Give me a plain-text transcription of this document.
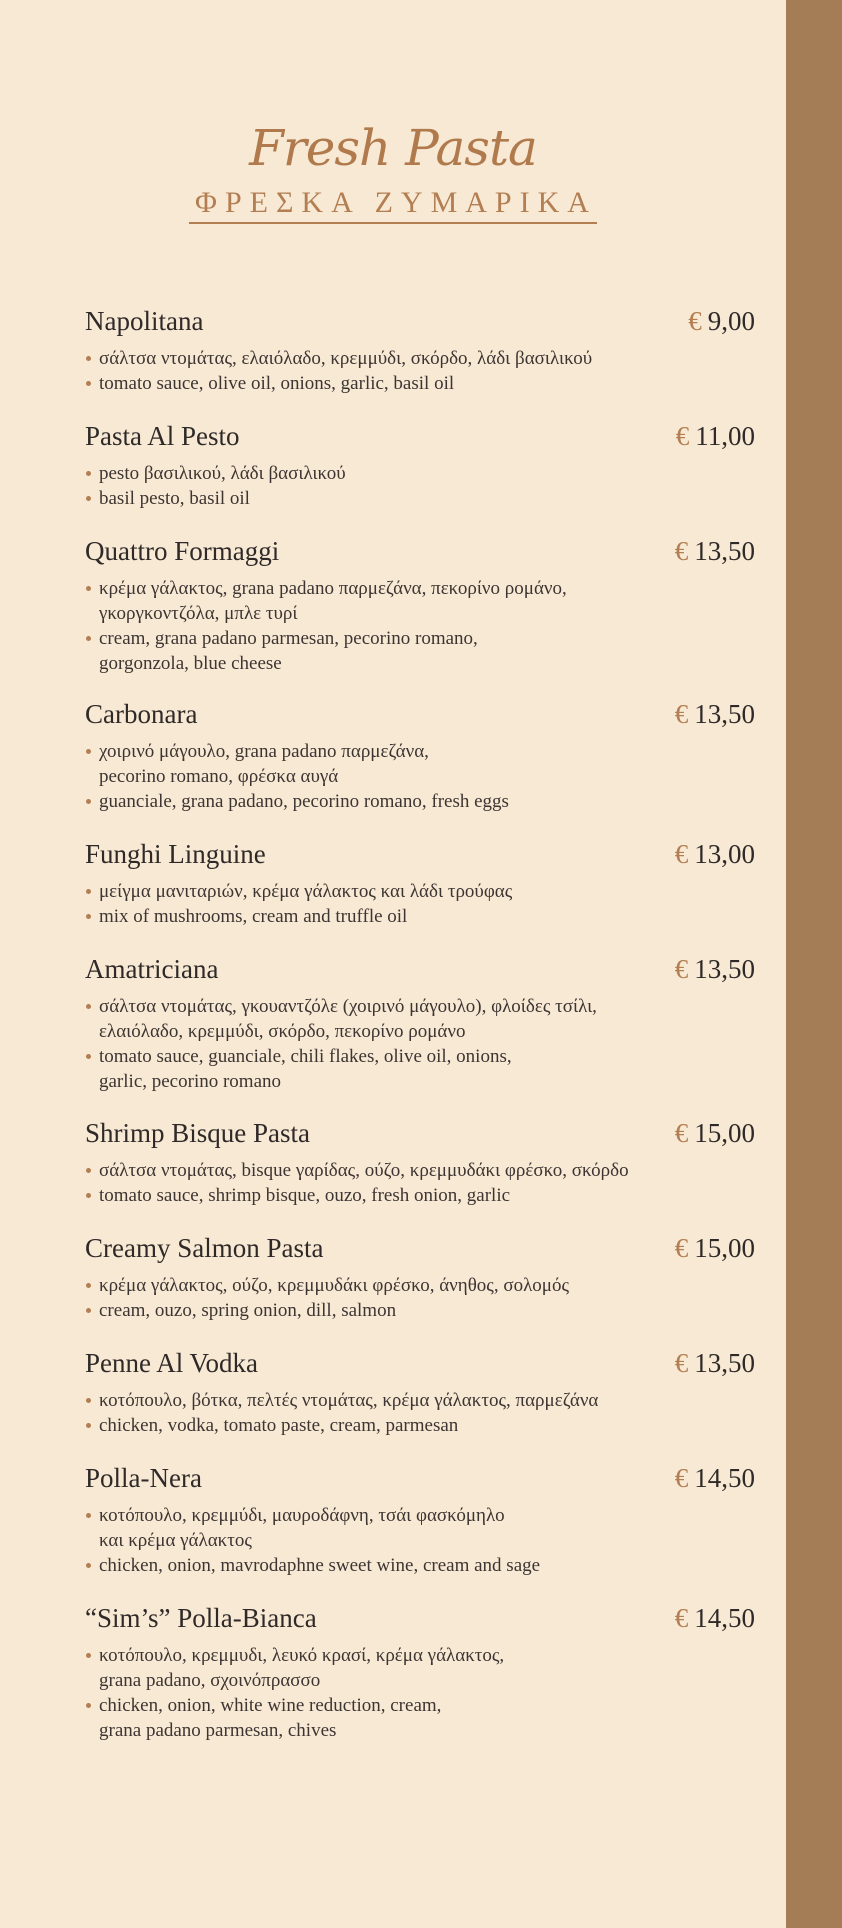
Fresh Pasta
ΦΡΕΣΚΑ ΖΥΜΑΡΙΚΑ
Napolitana	€ 9,00
σάλτσα ντομάτας, ελαιόλαδο, κρεμμύδι, σκόρδο, λάδι βασιλικού
tomato sauce, olive oil, onions, garlic, basil oil
Pasta Al Pesto	€ 11,00
pesto βασιλικού, λάδι βασιλικού
basil pesto, basil oil
Quattro Formaggi	€ 13,50
κρέμα γάλακτος, grana padano παρμεζάνα, πεκορίνο ρομάνο,
γκοργκοντζόλα, μπλε τυρί
cream, grana padano parmesan, pecorino romano,
gorgonzola, blue cheese
Carbonara	€ 13,50
χοιρινό μάγουλο, grana padano παρμεζάνα,
pecorino romano, φρέσκα αυγά
guanciale, grana padano, pecorino romano, fresh eggs
Funghi Linguine	€ 13,00
μείγμα μανιταριών, κρέμα γάλακτος και λάδι τρούφας
mix of mushrooms, cream and truffle oil
Amatriciana	€ 13,50
σάλτσα ντομάτας, γκουαντζόλε (χοιρινό μάγουλο), φλοίδες τσίλι,
ελαιόλαδο, κρεμμύδι, σκόρδο, πεκορίνο ρομάνο
tomato sauce, guanciale, chili flakes, olive oil, onions,
garlic, pecorino romano
Shrimp Bisque Pasta	€ 15,00
σάλτσα ντομάτας, bisque γαρίδας, ούζο, κρεμμυδάκι φρέσκο, σκόρδο
tomato sauce, shrimp bisque, ouzo, fresh onion, garlic
Creamy Salmon Pasta	€ 15,00
κρέμα γάλακτος, ούζο, κρεμμυδάκι φρέσκο, άνηθος, σολομός
cream, ouzo, spring onion, dill, salmon
Penne Al Vodka	€ 13,50
κοτόπουλο, βότκα, πελτές ντομάτας, κρέμα γάλακτος, παρμεζάνα
chicken, vodka, tomato paste, cream, parmesan
Polla-Nera	€ 14,50
κοτόπουλο, κρεμμύδι, μαυροδάφνη, τσάι φασκόμηλο
και κρέμα γάλακτος
chicken, onion, mavrodaphne sweet wine, cream and sage
“Sim’s” Polla-Bianca	€ 14,50
κοτόπουλο, κρεμμυδι, λευκό κρασί, κρέμα γάλακτος,
grana padano, σχοινόπρασσο
chicken, onion, white wine reduction, cream,
grana padano parmesan, chives
